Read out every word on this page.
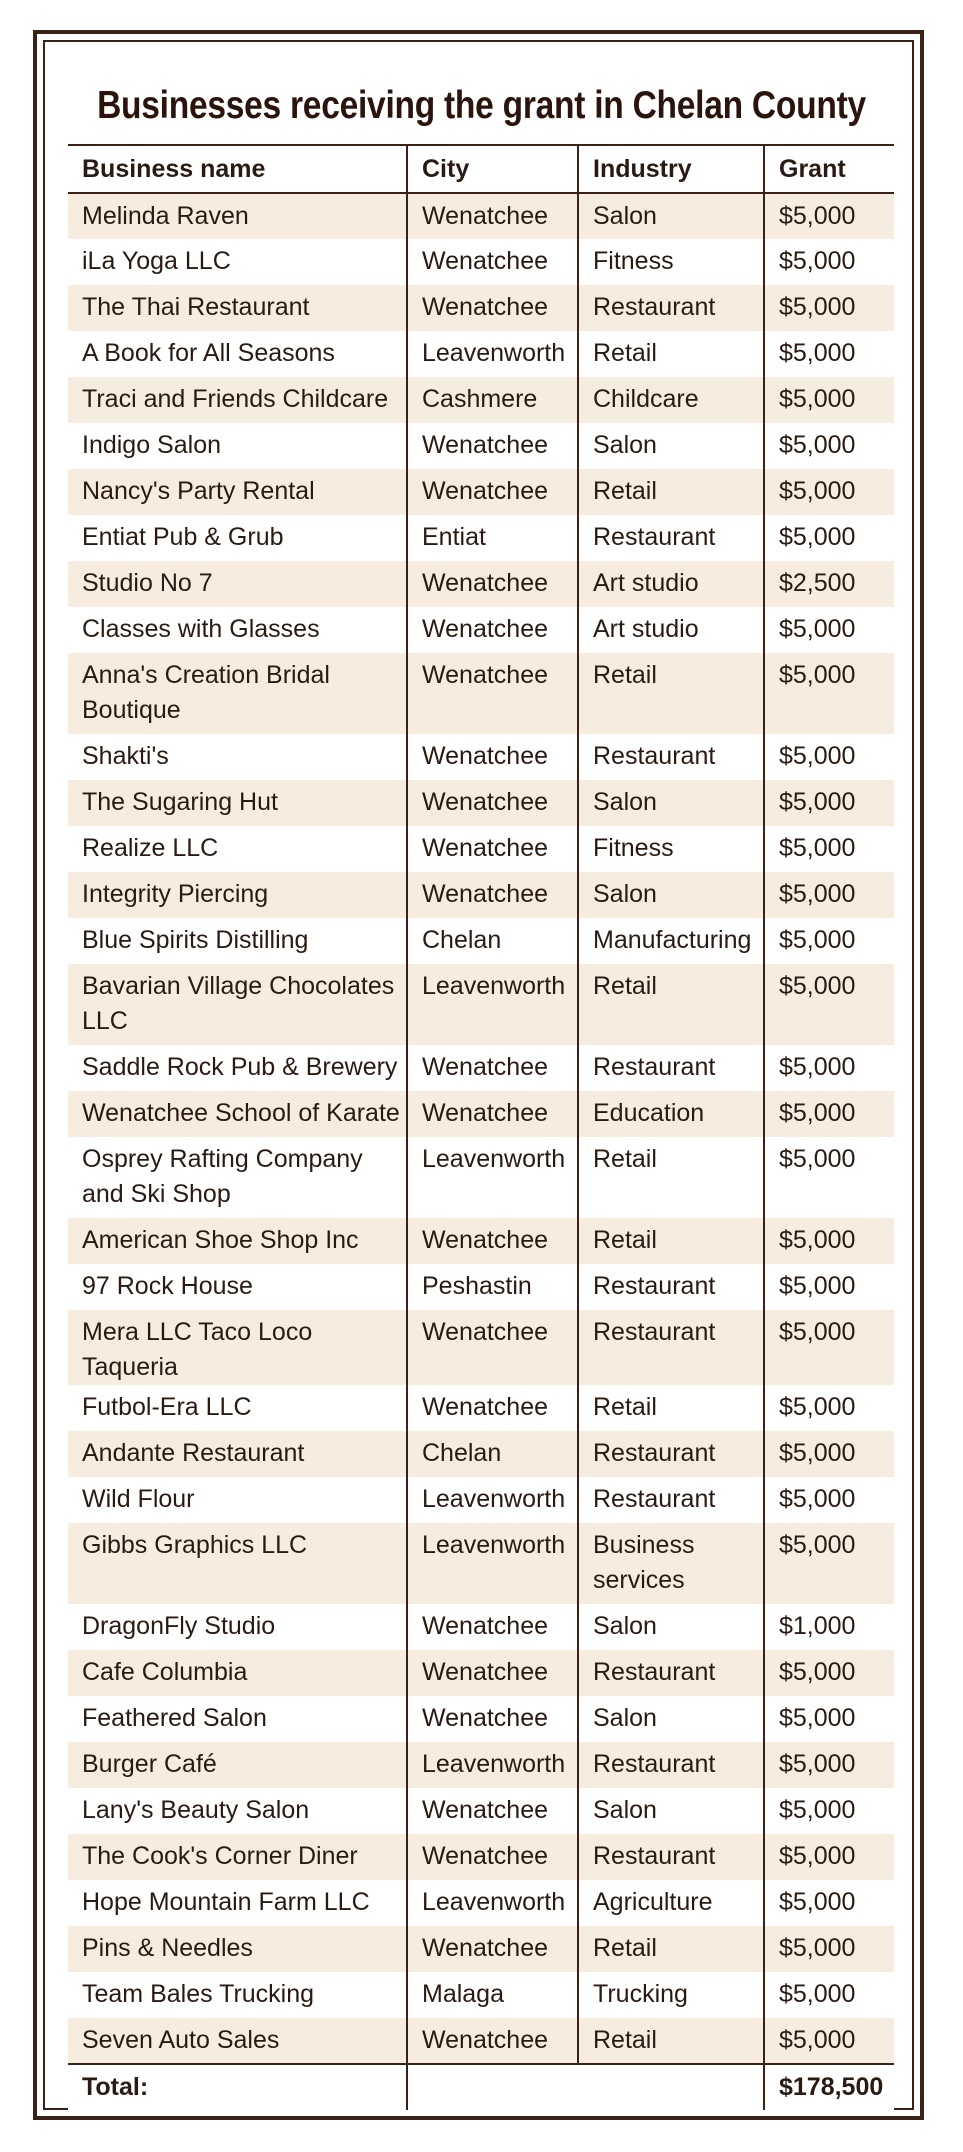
Businesses receiving the grant in Chelan County
Business name	City	Industry	Grant
Melinda Raven	Wenatchee	Salon	$5,000
iLa Yoga LLC	Wenatchee	Fitness	$5,000
The Thai Restaurant	Wenatchee	Restaurant	$5,000
A Book for All Seasons	Leavenworth	Retail	$5,000
Traci and Friends Childcare	Cashmere	Childcare	$5,000
Indigo Salon	Wenatchee	Salon	$5,000
Nancy's Party Rental	Wenatchee	Retail	$5,000
Entiat Pub & Grub	Entiat	Restaurant	$5,000
Studio No 7	Wenatchee	Art studio	$2,500
Classes with Glasses	Wenatchee	Art studio	$5,000
Anna's Creation Bridal Boutique	Wenatchee	Retail	$5,000
Shakti's	Wenatchee	Restaurant	$5,000
The Sugaring Hut	Wenatchee	Salon	$5,000
Realize LLC	Wenatchee	Fitness	$5,000
Integrity Piercing	Wenatchee	Salon	$5,000
Blue Spirits Distilling	Chelan	Manufacturing	$5,000
Bavarian Village Chocolates LLC	Leavenworth	Retail	$5,000
Saddle Rock Pub & Brewery	Wenatchee	Restaurant	$5,000
Wenatchee School of Karate	Wenatchee	Education	$5,000
Osprey Rafting Company and Ski Shop	Leavenworth	Retail	$5,000
American Shoe Shop Inc	Wenatchee	Retail	$5,000
97 Rock House	Peshastin	Restaurant	$5,000
Mera LLC Taco Loco Taqueria	Wenatchee	Restaurant	$5,000
Futbol-Era LLC	Wenatchee	Retail	$5,000
Andante Restaurant	Chelan	Restaurant	$5,000
Wild Flour	Leavenworth	Restaurant	$5,000
Gibbs Graphics LLC	Leavenworth	Business services	$5,000
DragonFly Studio	Wenatchee	Salon	$1,000
Cafe Columbia	Wenatchee	Restaurant	$5,000
Feathered Salon	Wenatchee	Salon	$5,000
Burger Café	Leavenworth	Restaurant	$5,000
Lany's Beauty Salon	Wenatchee	Salon	$5,000
The Cook's Corner Diner	Wenatchee	Restaurant	$5,000
Hope Mountain Farm LLC	Leavenworth	Agriculture	$5,000
Pins & Needles	Wenatchee	Retail	$5,000
Team Bales Trucking	Malaga	Trucking	$5,000
Seven Auto Sales	Wenatchee	Retail	$5,000
Total:			$178,500
